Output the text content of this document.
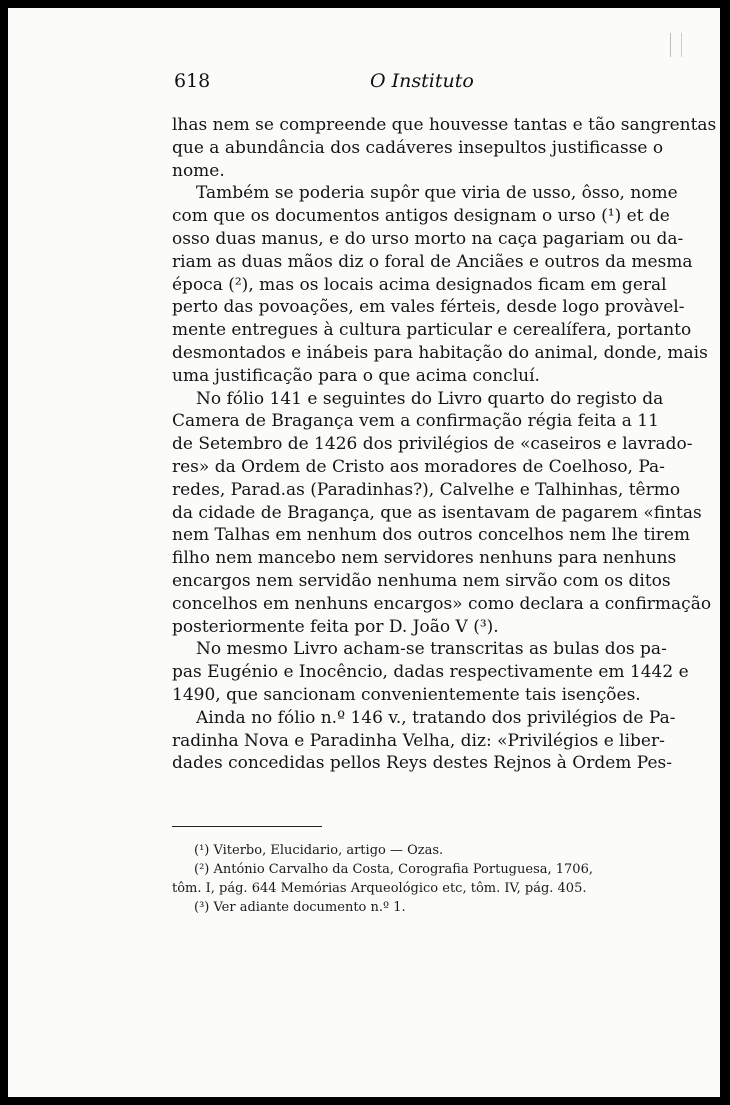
618	O Instituto
lhas nem se compreende que houvesse tantas e tão sangrentas
que a abundância dos cadáveres insepultos justificasse o
nome.
Também se poderia supôr que viria de usso, ôsso, nome
com que os documentos antigos designam o urso (¹) et de
osso duas manus, e do urso morto na caça pagariam ou da-
riam as duas mãos diz o foral de Anciães e outros da mesma
época (²), mas os locais acima designados ficam em geral
perto das povoações, em vales férteis, desde logo provàvel-
mente entregues à cultura particular e cerealífera, portanto
desmontados e inábeis para habitação do animal, donde, mais
uma justificação para o que acima concluí.
No fólio 141 e seguintes do Livro quarto do registo da
Camera de Bragança vem a confirmação régia feita a 11
de Setembro de 1426 dos privilégios de «caseiros e lavrado-
res» da Ordem de Cristo aos moradores de Coelhoso, Pa-
redes, Parad.as (Paradinhas?), Calvelhe e Talhinhas, têrmo
da cidade de Bragança, que as isentavam de pagarem «fintas
nem Talhas em nenhum dos outros concelhos nem lhe tirem
filho nem mancebo nem servidores nenhuns para nenhuns
encargos nem servidão nenhuma nem sirvão com os ditos
concelhos em nenhuns encargos» como declara a confirmação
posteriormente feita por D. João V (³).
No mesmo Livro acham-se transcritas as bulas dos pa-
pas Eugénio e Inocêncio, dadas respectivamente em 1442 e
1490, que sancionam convenientemente tais isenções.
Ainda no fólio n.º 146 v., tratando dos privilégios de Pa-
radinha Nova e Paradinha Velha, diz: «Privilégios e liber-
dades concedidas pellos Reys destes Rejnos à Ordem Pes-
(¹) Viterbo, Elucidario, artigo — Ozas.
(²) António Carvalho da Costa, Corografia Portuguesa, 1706,
tôm. I, pág. 644 Memórias Arqueológico etc, tôm. IV, pág. 405.
(³) Ver adiante documento n.º 1.
